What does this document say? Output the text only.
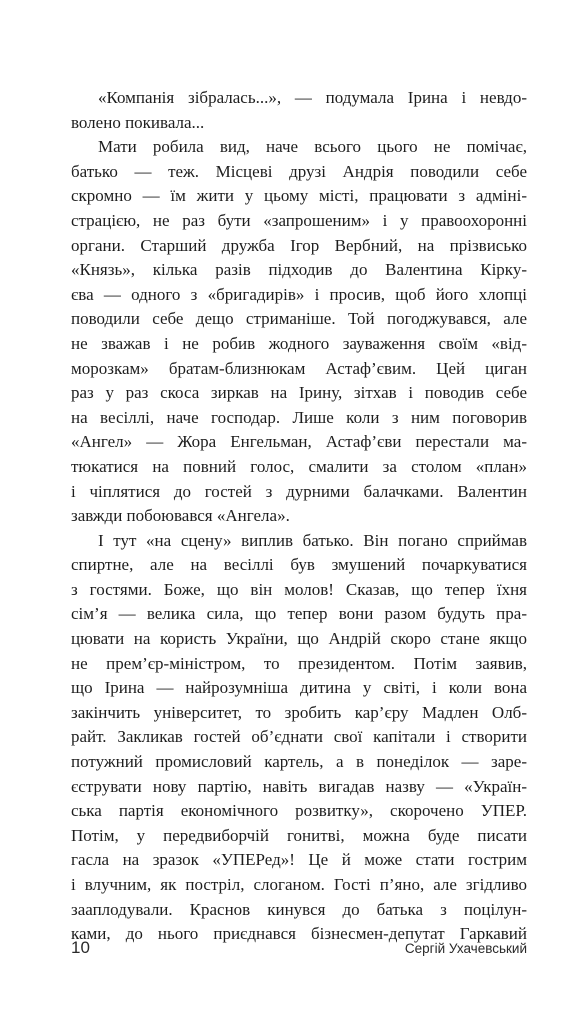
«Компанія зібралась...», — подумала Ірина і невдо-
волено покивала...
Мати робила вид, наче всього цього не помічає,
батько — теж. Місцеві друзі Андрія поводили себе
скромно — їм жити у цьому місті, працювати з адміні-
страцією, не раз бути «запрошеним» і у правоохоронні
органи. Старший дружба Ігор Вербний, на прізвисько
«Князь», кілька разів підходив до Валентина Кірку-
єва — одного з «бригадирів» і просив, щоб його хлопці
поводили себе дещо стриманіше. Той погоджувався, але
не зважав і не робив жодного зауваження своїм «від-
морозкам» братам-близнюкам Астаф’євим. Цей циган
раз у раз скоса зиркав на Ірину, зітхав і поводив себе
на весіллі, наче господар. Лише коли з ним поговорив
«Ангел» — Жора Енгельман, Астаф’єви перестали ма-
тюкатися на повний голос, смалити за столом «план»
і чіплятися до гостей з дурними балачками. Валентин
завжди побоювався «Ангела».
І тут «на сцену» виплив батько. Він погано сприймав
спиртне, але на весіллі був змушений почаркуватися
з гостями. Боже, що він молов! Сказав, що тепер їхня
сім’я — велика сила, що тепер вони разом будуть пра-
цювати на користь України, що Андрій скоро стане якщо
не прем’єр-міністром, то президентом. Потім заявив,
що Ірина — найрозумніша дитина у світі, і коли вона
закінчить університет, то зробить кар’єру Мадлен Олб-
райт. Закликав гостей об’єднати свої капітали і створити
потужний промисловий картель, а в понеділок — заре-
єструвати нову партію, навіть вигадав назву — «Україн-
ська партія економічного розвитку», скорочено УПЕР.
Потім, у передвиборчій гонитві, можна буде писати
гасла на зразок «УПЕРед»! Це й може стати гострим
і влучним, як постріл, слоганом. Гості п’яно, але згідливо
зааплодували. Краснов кинувся до батька з поцілун-
ками, до нього приєднався бізнесмен-депутат Гаркавий
10	Сергій Ухачевський
